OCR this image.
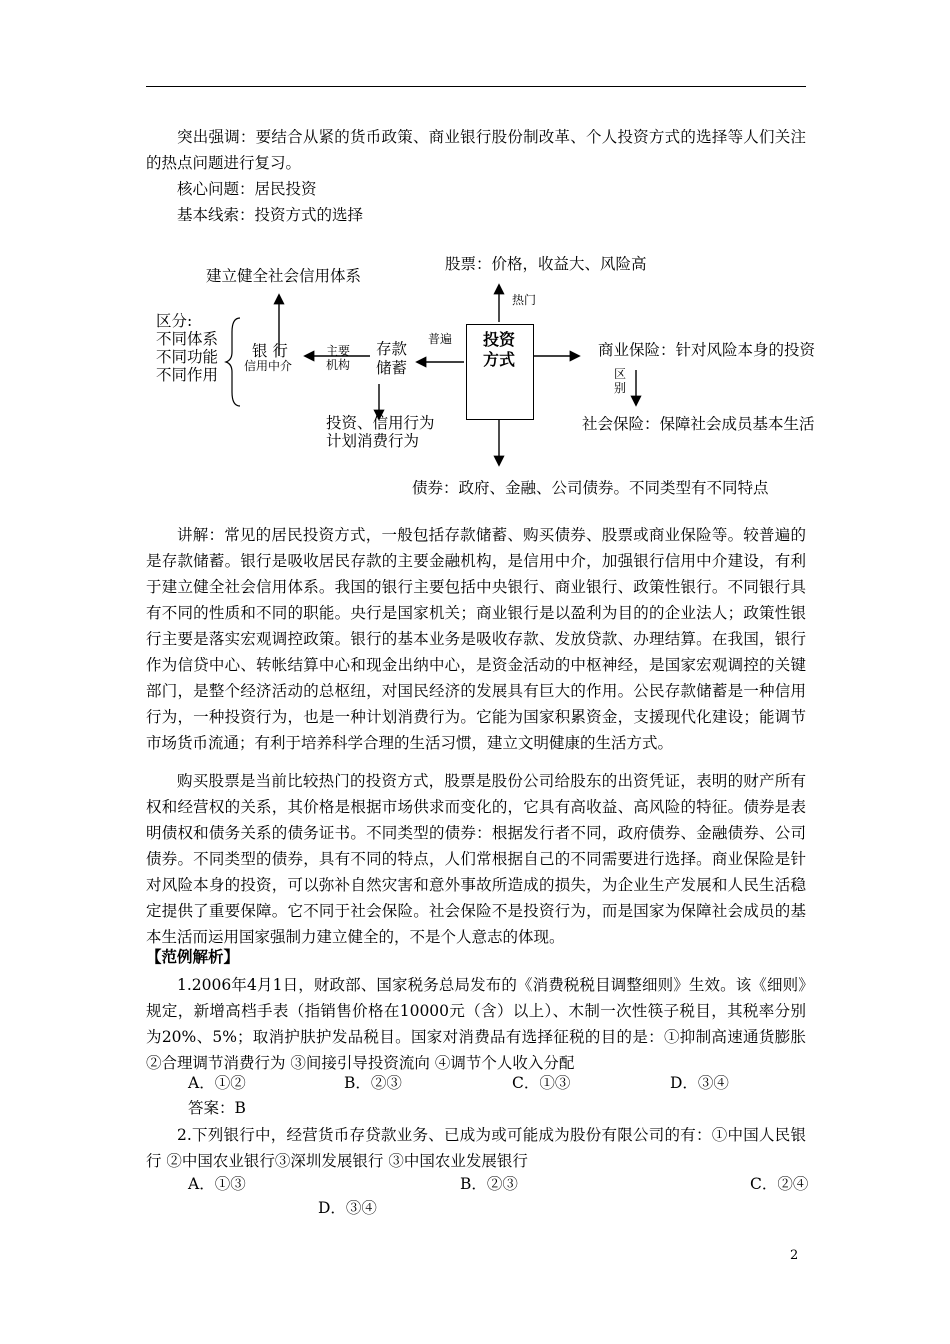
突出强调：要结合从紧的货币政策、商业银行股份制改革、个人投资方式的选择等人们关注的热点问题进行复习。

核心问题：居民投资

基本线索：投资方式的选择

投资
方式
股票：价格，收益大、风险高
热门
普遍
存款
储蓄
主要
机构
银 行
信用中介
建立健全社会信用体系
区分:
不同体系
不同功能
不同作用
投资、信用行为
计划消费行为
商业保险：针对风险本身的投资
区
别
社会保险：保障社会成员基本生活
债券：政府、金融、公司债券。不同类型有不同特点

讲解：常见的居民投资方式，一般包括存款储蓄、购买债券、股票或商业保险等。较普遍的是存款储蓄。银行是吸收居民存款的主要金融机构，是信用中介，加强银行信用中介建设，有利于建立健全社会信用体系。我国的银行主要包括中央银行、商业银行、政策性银行。不同银行具有不同的性质和不同的职能。央行是国家机关；商业银行是以盈利为目的的企业法人；政策性银行主要是落实宏观调控政策。银行的基本业务是吸收存款、发放贷款、办理结算。在我国，银行作为信贷中心、转帐结算中心和现金出纳中心，是资金活动的中枢神经，是国家宏观调控的关键部门，是整个经济活动的总枢纽，对国民经济的发展具有巨大的作用。公民存款储蓄是一种信用行为，一种投资行为，也是一种计划消费行为。它能为国家积累资金，支援现代化建设；能调节市场货币流通；有利于培养科学合理的生活习惯，建立文明健康的生活方式。

购买股票是当前比较热门的投资方式，股票是股份公司给股东的出资凭证，表明的财产所有权和经营权的关系，其价格是根据市场供求而变化的，它具有高收益、高风险的特征。债券是表明债权和债务关系的债务证书。不同类型的债券：根据发行者不同，政府债券、金融债券、公司债券。不同类型的债券，具有不同的特点，人们常根据自己的不同需要进行选择。商业保险是针对风险本身的投资，可以弥补自然灾害和意外事故所造成的损失，为企业生产发展和人民生活稳定提供了重要保障。它不同于社会保险。社会保险不是投资行为，而是国家为保障社会成员的基本生活而运用国家强制力建立健全的，不是个人意志的体现。

【范例解析】

1.2006年4月1日，财政部、国家税务总局发布的《消费税税目调整细则》生效。该《细则》规定，新增高档手表（指销售价格在10000元（含）以上）、木制一次性筷子税目，其税率分别为20%、5%；取消护肤护发品税目。国家对消费品有选择征税的目的是：①抑制高速通货膨胀 ②合理调节消费行为 ③间接引导投资流向 ④调节个人收入分配

A．①②	B．②③	C．①③	D．③④
答案：B

2.下列银行中，经营货币存贷款业务、已成为或可能成为股份有限公司的有：①中国人民银行 ②中国农业银行③深圳发展银行 ③中国农业发展银行

A．①③	B．②③	C．②④
D．③④
2
